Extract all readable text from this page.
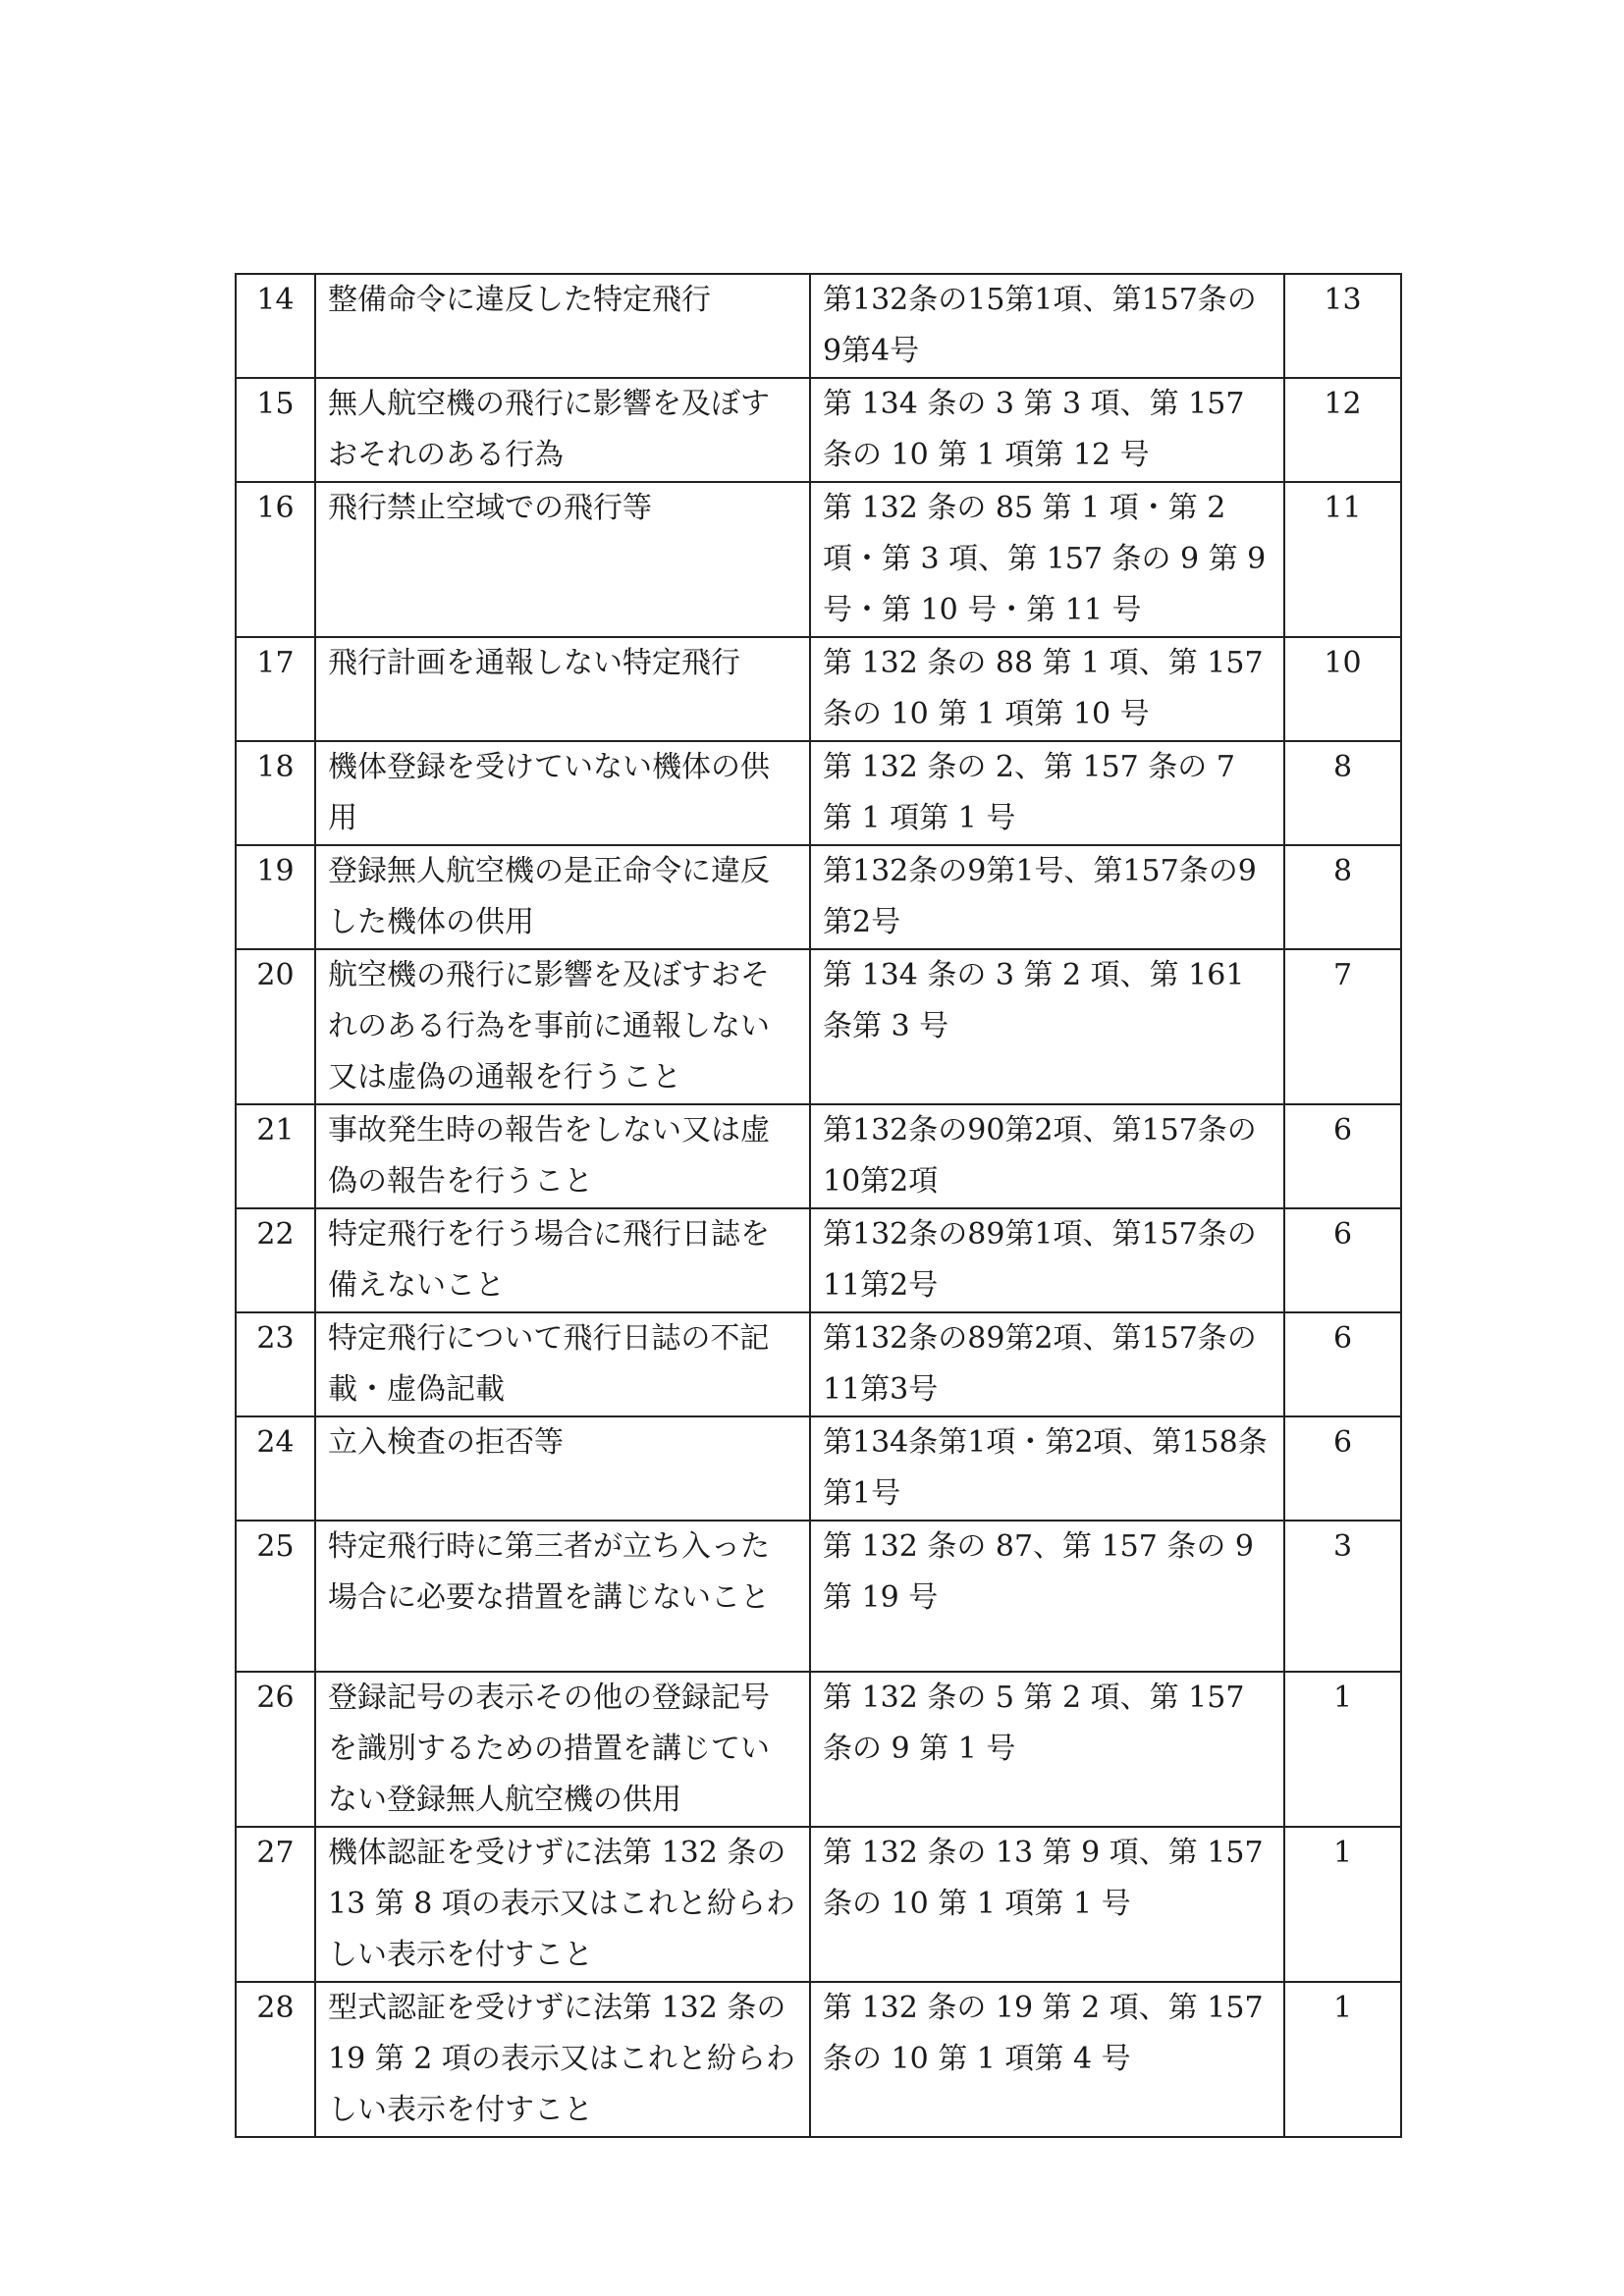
14	整備命令に違反した特定飛行	第132条の15第1項、第157条の9第4号	13
15	無人航空機の飛行に影響を及ぼすおそれのある行為	第 134 条の 3 第 3 項、第 157 条の 10 第 1 項第 12 号	12
16	飛行禁止空域での飛行等	第 132 条の 85 第 1 項・第 2 項・第 3 項、第 157 条の 9 第 9 号・第 10 号・第 11 号	11
17	飛行計画を通報しない特定飛行	第 132 条の 88 第 1 項、第 157 条の 10 第 1 項第 10 号	10
18	機体登録を受けていない機体の供用	第 132 条の 2、第 157 条の 7 第 1 項第 1 号	8
19	登録無人航空機の是正命令に違反した機体の供用	第132条の9第1号、第157条の9第2号	8
20	航空機の飛行に影響を及ぼすおそれのある行為を事前に通報しない又は虚偽の通報を行うこと	第 134 条の 3 第 2 項、第 161 条第 3 号	7
21	事故発生時の報告をしない又は虚偽の報告を行うこと	第132条の90第2項、第157条の10第2項	6
22	特定飛行を行う場合に飛行日誌を備えないこと	第132条の89第1項、第157条の11第2号	6
23	特定飛行について飛行日誌の不記載・虚偽記載	第132条の89第2項、第157条の11第3号	6
24	立入検査の拒否等	第134条第1項・第2項、第158条第1号	6
25	特定飛行時に第三者が立ち入った場合に必要な措置を講じないこと	第 132 条の 87、第 157 条の 9 第 19 号	3
26	登録記号の表示その他の登録記号を識別するための措置を講じていない登録無人航空機の供用	第 132 条の 5 第 2 項、第 157 条の 9 第 1 号	1
27	機体認証を受けずに法第 132 条の 13 第 8 項の表示又はこれと紛らわしい表示を付すこと	第 132 条の 13 第 9 項、第 157 条の 10 第 1 項第 1 号	1
28	型式認証を受けずに法第 132 条の 19 第 2 項の表示又はこれと紛らわしい表示を付すこと	第 132 条の 19 第 2 項、第 157 条の 10 第 1 項第 4 号	1
